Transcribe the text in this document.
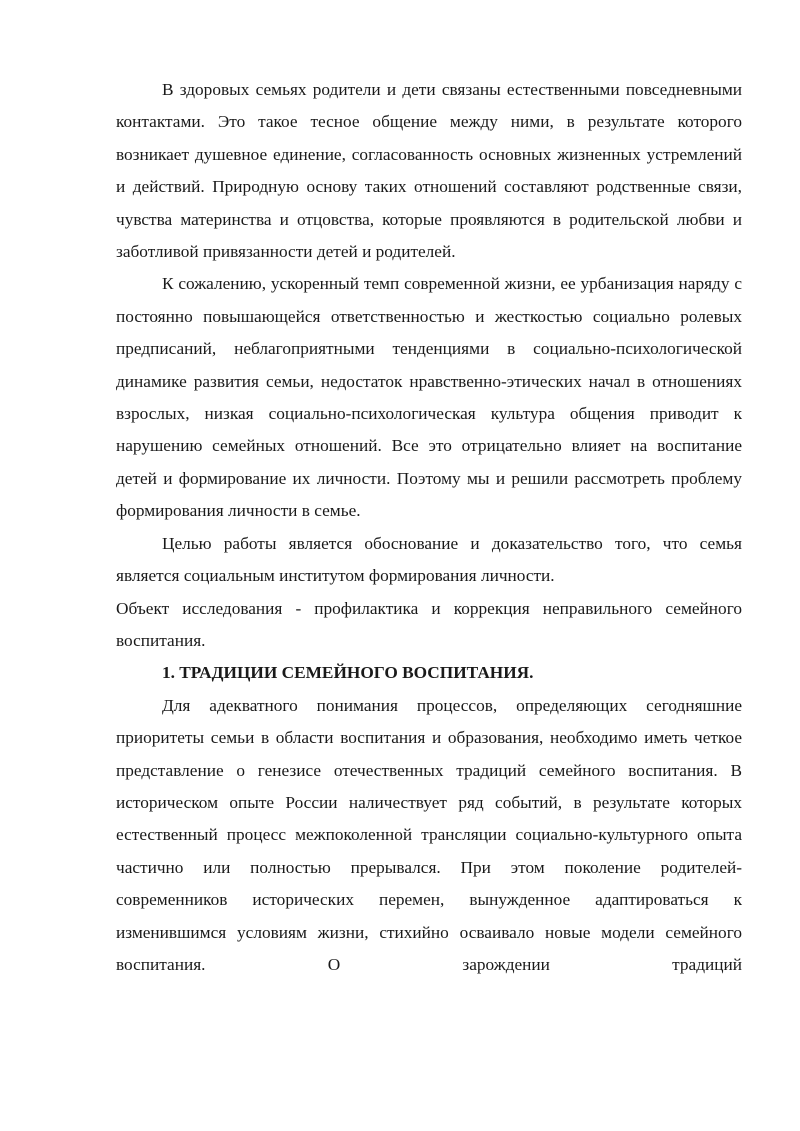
В здоровых семьях родители и дети связаны естественными повседневными контактами. Это такое тесное общение между ними, в результате которого возникает душевное единение, согласованность основных жизненных устремлений и действий. Природную основу таких отношений составляют родственные связи, чувства материнства и отцовства, которые проявляются в родительской любви и заботливой привязанности детей и родителей.

К сожалению, ускоренный темп современной жизни, ее урбанизация наряду с постоянно повышающейся ответственностью и жесткостью социально ролевых предписаний, неблагоприятными тенденциями в социально-психологической динамике развития семьи, недостаток нравственно-этических начал в отношениях взрослых, низкая социально-психологическая культура общения приводит к нарушению семейных отношений. Все это отрицательно влияет на воспитание детей и формирование их личности. Поэтому мы и решили рассмотреть проблему формирования личности в семье.

Целью работы является обоснование и доказательство того, что семья является социальным институтом формирования личности.

Объект исследования - профилактика и коррекция неправильного семейного воспитания.

1. ТРАДИЦИИ СЕМЕЙНОГО ВОСПИТАНИЯ.

Для адекватного понимания процессов, определяющих сегодняшние приоритеты семьи в области воспитания и образования, необходимо иметь четкое представление о генезисе отечественных традиций семейного воспитания. В историческом опыте России наличествует ряд событий, в результате которых естественный процесс межпоколенной трансляции социально-культурного опыта частично или полностью прерывался. При этом поколение родителей-современников исторических перемен, вынужденное адаптироваться к изменившимся условиям жизни, стихийно осваивало новые модели семейного воспитания. О зарождении традиций
